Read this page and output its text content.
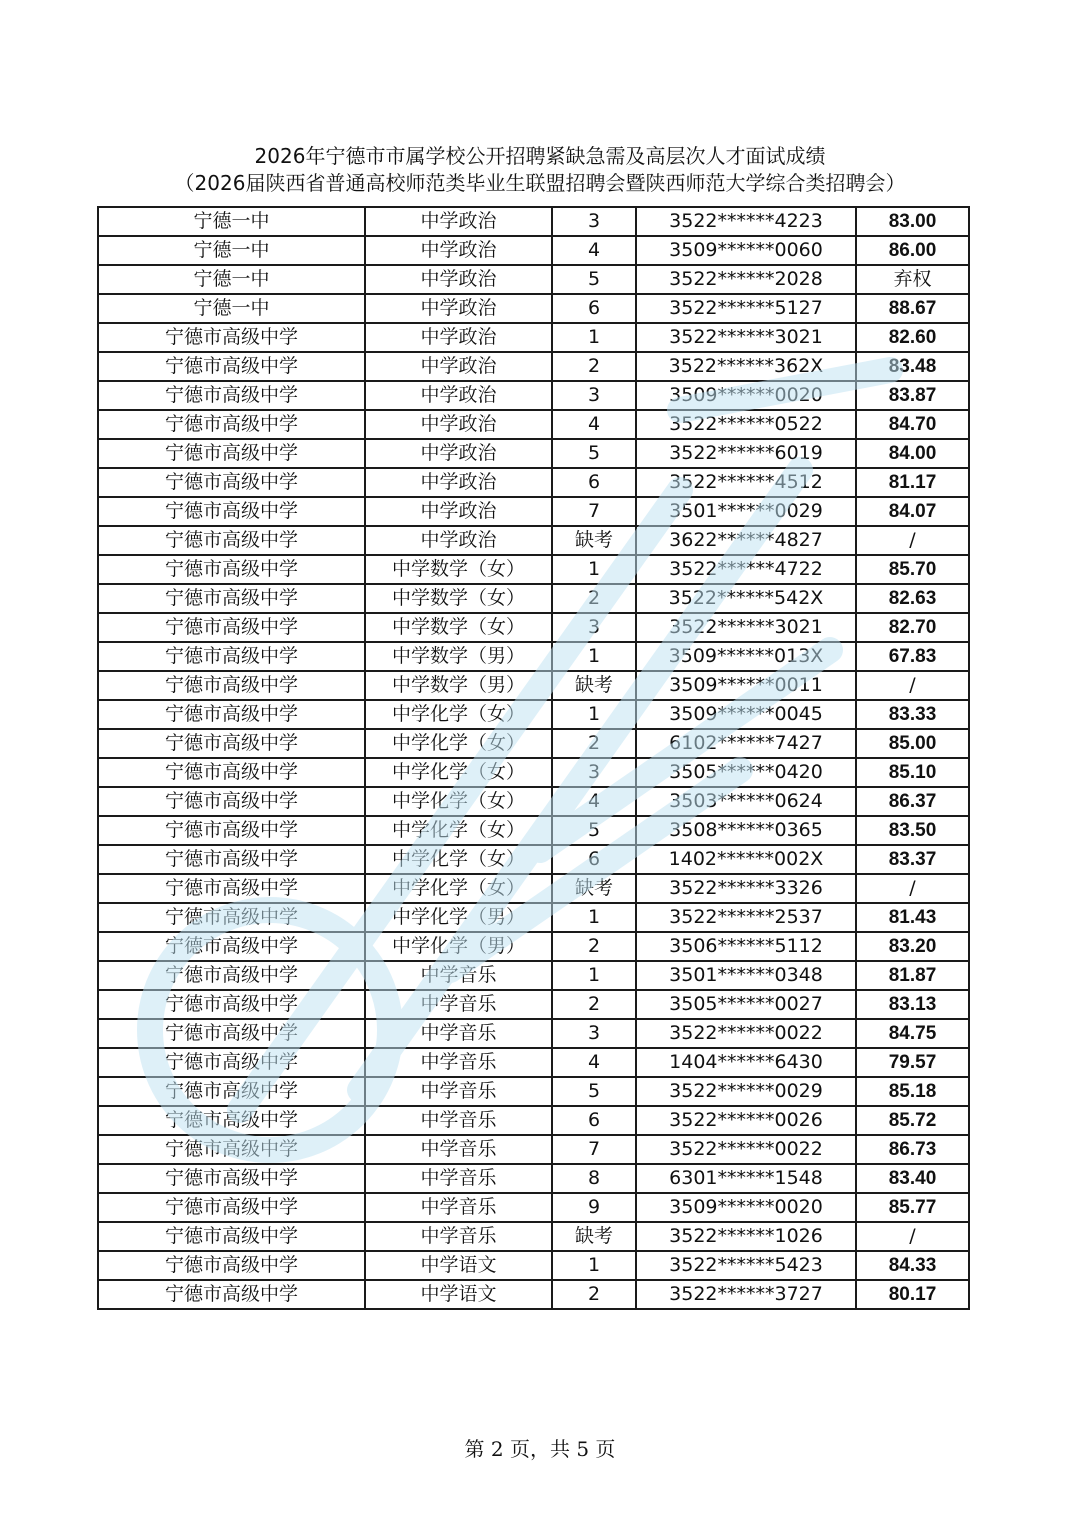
2026年宁德市市属学校公开招聘紧缺急需及高层次人才面试成绩
（2026届陕西省普通高校师范类毕业生联盟招聘会暨陕西师范大学综合类招聘会）
宁德一中	中学政治	3	3522******4223	83.00
宁德一中	中学政治	4	3509******0060	86.00
宁德一中	中学政治	5	3522******2028	弃权
宁德一中	中学政治	6	3522******5127	88.67
宁德市高级中学	中学政治	1	3522******3021	82.60
宁德市高级中学	中学政治	2	3522******362X	83.48
宁德市高级中学	中学政治	3	3509******0020	83.87
宁德市高级中学	中学政治	4	3522******0522	84.70
宁德市高级中学	中学政治	5	3522******6019	84.00
宁德市高级中学	中学政治	6	3522******4512	81.17
宁德市高级中学	中学政治	7	3501******0029	84.07
宁德市高级中学	中学政治	缺考	3622******4827	/
宁德市高级中学	中学数学（女）	1	3522******4722	85.70
宁德市高级中学	中学数学（女）	2	3522******542X	82.63
宁德市高级中学	中学数学（女）	3	3522******3021	82.70
宁德市高级中学	中学数学（男）	1	3509******013X	67.83
宁德市高级中学	中学数学（男）	缺考	3509******0011	/
宁德市高级中学	中学化学（女）	1	3509******0045	83.33
宁德市高级中学	中学化学（女）	2	6102******7427	85.00
宁德市高级中学	中学化学（女）	3	3505******0420	85.10
宁德市高级中学	中学化学（女）	4	3503******0624	86.37
宁德市高级中学	中学化学（女）	5	3508******0365	83.50
宁德市高级中学	中学化学（女）	6	1402******002X	83.37
宁德市高级中学	中学化学（女）	缺考	3522******3326	/
宁德市高级中学	中学化学（男）	1	3522******2537	81.43
宁德市高级中学	中学化学（男）	2	3506******5112	83.20
宁德市高级中学	中学音乐	1	3501******0348	81.87
宁德市高级中学	中学音乐	2	3505******0027	83.13
宁德市高级中学	中学音乐	3	3522******0022	84.75
宁德市高级中学	中学音乐	4	1404******6430	79.57
宁德市高级中学	中学音乐	5	3522******0029	85.18
宁德市高级中学	中学音乐	6	3522******0026	85.72
宁德市高级中学	中学音乐	7	3522******0022	86.73
宁德市高级中学	中学音乐	8	6301******1548	83.40
宁德市高级中学	中学音乐	9	3509******0020	85.77
宁德市高级中学	中学音乐	缺考	3522******1026	/
宁德市高级中学	中学语文	1	3522******5423	84.33
宁德市高级中学	中学语文	2	3522******3727	80.17
第 2 页，共 5 页
